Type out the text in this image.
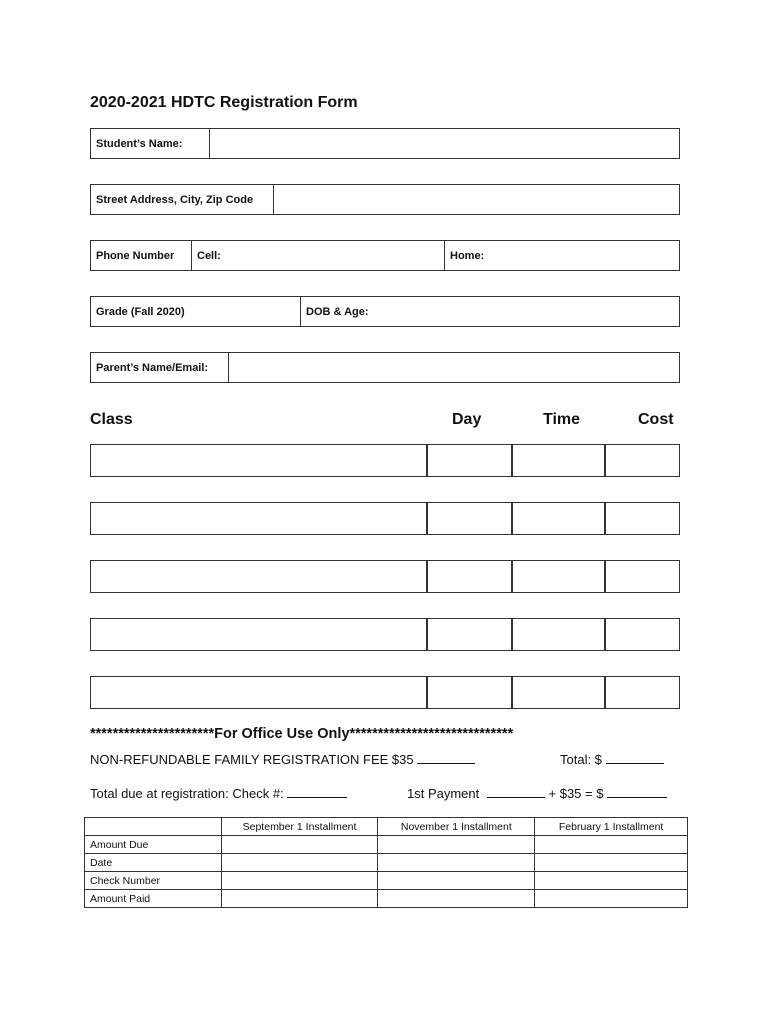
2020-2021 HDTC Registration Form
Student’s Name:
Street Address, City, Zip Code
Phone Number	Cell:	Home:
Grade (Fall 2020)	DOB & Age:
Parent’s Name/Email:
Class	Day	Time	Cost
**********************For Office Use Only*****************************
NON-REFUNDABLE FAMILY REGISTRATION FEE $35	Total: $
Total due at registration: Check #:	1st Payment	+ $35 = $
	September 1 Installment	November 1 Installment	February 1 Installment
Amount Due			
Date			
Check Number			
Amount Paid			
